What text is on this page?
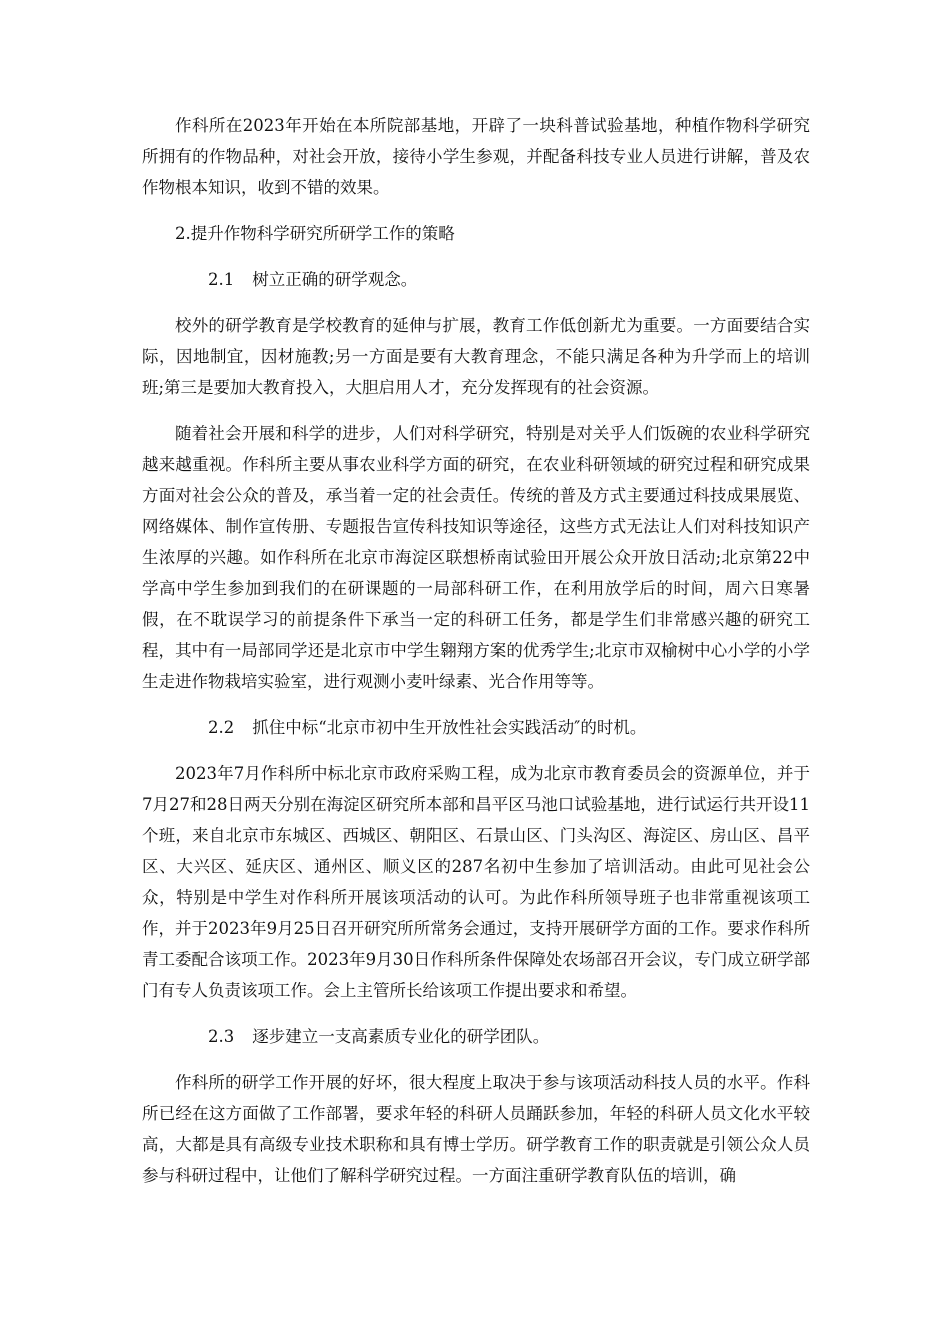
作科所在2023年开始在本所院部基地，开辟了一块科普试验基地，种植作物科学研究所拥有的作物品种，对社会开放，接待小学生参观，并配备科技专业人员进行讲解，普及农作物根本知识，收到不错的效果。

2.提升作物科学研究所研学工作的策略

2.1 树立正确的研学观念。

校外的研学教育是学校教育的延伸与扩展，教育工作低创新尤为重要。一方面要结合实际，因地制宜，因材施教;另一方面是要有大教育理念，不能只满足各种为升学而上的培训班;第三是要加大教育投入，大胆启用人才，充分发挥现有的社会资源。

随着社会开展和科学的进步，人们对科学研究，特别是对关乎人们饭碗的农业科学研究越来越重视。作科所主要从事农业科学方面的研究，在农业科研领域的研究过程和研究成果方面对社会公众的普及，承当着一定的社会责任。传统的普及方式主要通过科技成果展览、网络媒体、制作宣传册、专题报告宣传科技知识等途径，这些方式无法让人们对科技知识产生浓厚的兴趣。如作科所在北京市海淀区联想桥南试验田开展公众开放日活动;北京第22中学高中学生参加到我们的在研课题的一局部科研工作，在利用放学后的时间，周六日寒暑假，在不耽误学习的前提条件下承当一定的科研工任务，都是学生们非常感兴趣的研究工程，其中有一局部同学还是北京市中学生翱翔方案的优秀学生;北京市双榆树中心小学的小学生走进作物栽培实验室，进行观测小麦叶绿素、光合作用等等。

2.2 抓住中标“北京市初中生开放性社会实践活动″的时机。

2023年7月作科所中标北京市政府采购工程，成为北京市教育委员会的资源单位，并于7月27和28日两天分别在海淀区研究所本部和昌平区马池口试验基地，进行试运行共开设11个班，来自北京市东城区、西城区、朝阳区、石景山区、门头沟区、海淀区、房山区、昌平区、大兴区、延庆区、通州区、顺义区的287名初中生参加了培训活动。由此可见社会公众，特别是中学生对作科所开展该项活动的认可。为此作科所领导班子也非常重视该项工作，并于2023年9月25日召开研究所所常务会通过，支持开展研学方面的工作。要求作科所青工委配合该项工作。2023年9月30日作科所条件保障处农场部召开会议，专门成立研学部门有专人负责该项工作。会上主管所长给该项工作提出要求和希望。

2.3 逐步建立一支高素质专业化的研学团队。

作科所的研学工作开展的好坏，很大程度上取决于参与该项活动科技人员的水平。作科所已经在这方面做了工作部署，要求年轻的科研人员踊跃参加，年轻的科研人员文化水平较高，大都是具有高级专业技术职称和具有博士学历。研学教育工作的职责就是引领公众人员参与科研过程中，让他们了解科学研究过程。一方面注重研学教育队伍的培训，确
